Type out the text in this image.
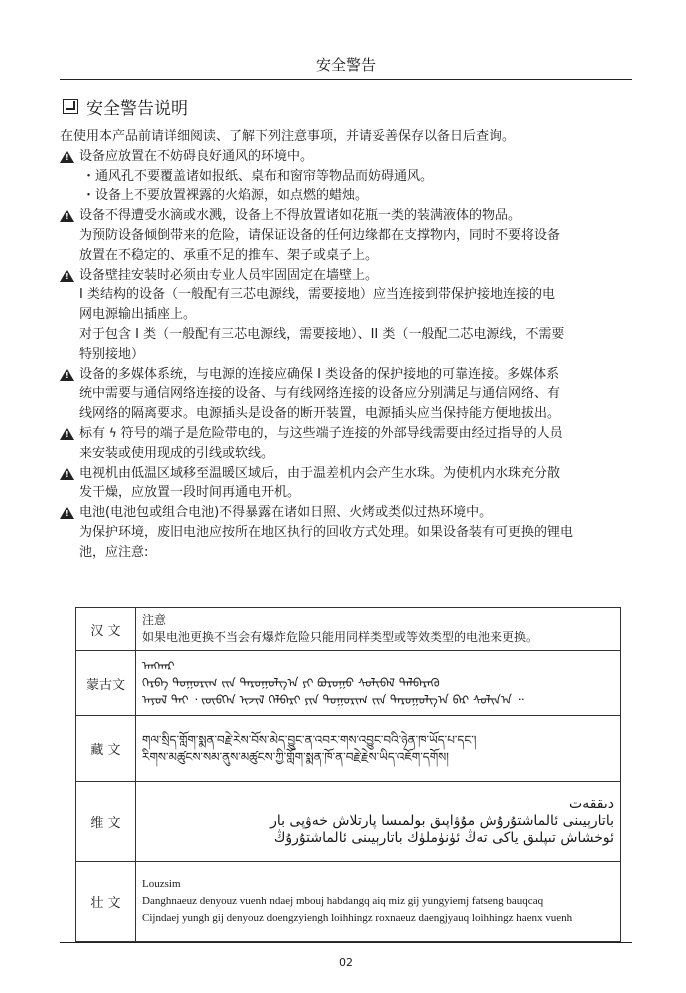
安全警告
安全警告说明

在使用本产品前请详细阅读、了解下列注意事项，并请妥善保存以备日后查询。

!
设备应放置在不妨碍良好通风的环境中。

・通风孔不要覆盖诸如报纸、桌布和窗帘等物品而妨碍通风。

・设备上不要放置裸露的火焰源，如点燃的蜡烛。

!
设备不得遭受水滴或水溅，设备上不得放置诸如花瓶一类的装满液体的物品。

为预防设备倾倒带来的危险，请保证设备的任何边缘都在支撑物内，同时不要将设备

放置在不稳定的、承重不足的推车、架子或桌子上。

!
设备壁挂安装时必须由专业人员牢固固定在墙壁上。

I 类结构的设备（一般配有三芯电源线，需要接地）应当连接到带保护接地连接的电

网电源输出插座上。

对于包含 I 类（一般配有三芯电源线，需要接地）、II 类（一般配二芯电源线，不需要

特别接地）

!
设备的多媒体系统，与电源的连接应确保 I 类设备的保护接地的可靠连接。多媒体系

统中需要与通信网络连接的设备、与有线网络连接的设备应分别满足与通信网络、有

线网络的隔离要求。电源插头是设备的断开装置，电源插头应当保持能方便地拔出。

!
标有 ϟ 符号的端子是危险带电的，与这些端子连接的外部导线需要由经过指导的人员

来安装或使用现成的引线或软线。

!
电视机由低温区域移至温暖区域后，由于温差机内会产生水珠。为使机内水珠充分散

发干燥，应放置一段时间再通电开机。

!
电池(电池包或组合电池)不得暴露在诸如日照、火烤或类似过热环境中。

为保护环境，废旧电池应按所在地区执行的回收方式处理。如果设备装有可更换的锂电

池，应注意:

汉 文	注意
如果电池更换不当会有爆炸危险只能用同样类型或等效类型的电池来更换。

蒙古文	ᠠᠩᠬᠠᠷ
ᠬᠡᠷᠪᠡ ᠲᠣᠭᠤᠷᠢᠭ ᠵᠢᠨ ᠳᠠᠷᠤᠭᠤᠯᠭ᠎ᠠ ᠶᠢ ᠪᠤᠷᠤᠭᠤ ᠰᠣᠯᠢᠪᠠᠯ ᠳᠡᠯᠪᠡᠷᠡᠬᠦ
ᠠᠶᠤᠯ ᠲᠠᠢ ᠂ ᠵᠥᠪᠬᠡᠨ ᠢᠵᠢᠯ ᠬᠡᠯᠪᠡᠷᠢ ᠶᠢᠨ ᠲᠣᠭᠤᠷᠢᠭ ᠵᠢᠨ ᠳᠠᠷᠤᠭᠤᠯᠭ᠎ᠠ ᠪᠠᠷ ᠰᠣᠯᠢᠨ᠎ᠠ ᠃

藏 文	གལ་སྲིད་གློག་སྨན་བརྗེ་རེས་བོས་མེད་བྱུང་ན་འབར་གས་འབྱུང་བའི་ཉེན་ཁ་ཡོད་པ་དང་།
རིགས་མཚུངས་སམ་ནུས་མཚུངས་ཀྱི་གློག་སྨན་ཁོ་ན་བརྗེ་རྗེས་ཡིད་འཇོག་དགོས།

维 文	دىققەت
باتارېيىنى ئالماشتۇرۇش مۇۋاپىق بولمىسا پارتلاش خەۋپى بار
ئوخشاش تىپلىق ياكى تەڭ ئۈنۈملۈك باتارېيىنى ئالماشتۇرۇڭ

壮 文	Louzsim
Danghnaeuz denyouz vuenh ndaej mbouj habdangq aiq miz gij yungyiemj fatseng bauqcaq
Cijndaej yungh gij denyouz doengzyiengh loihhingz roxnaeuz daengjyauq loihhingz haenx vuenh
02
